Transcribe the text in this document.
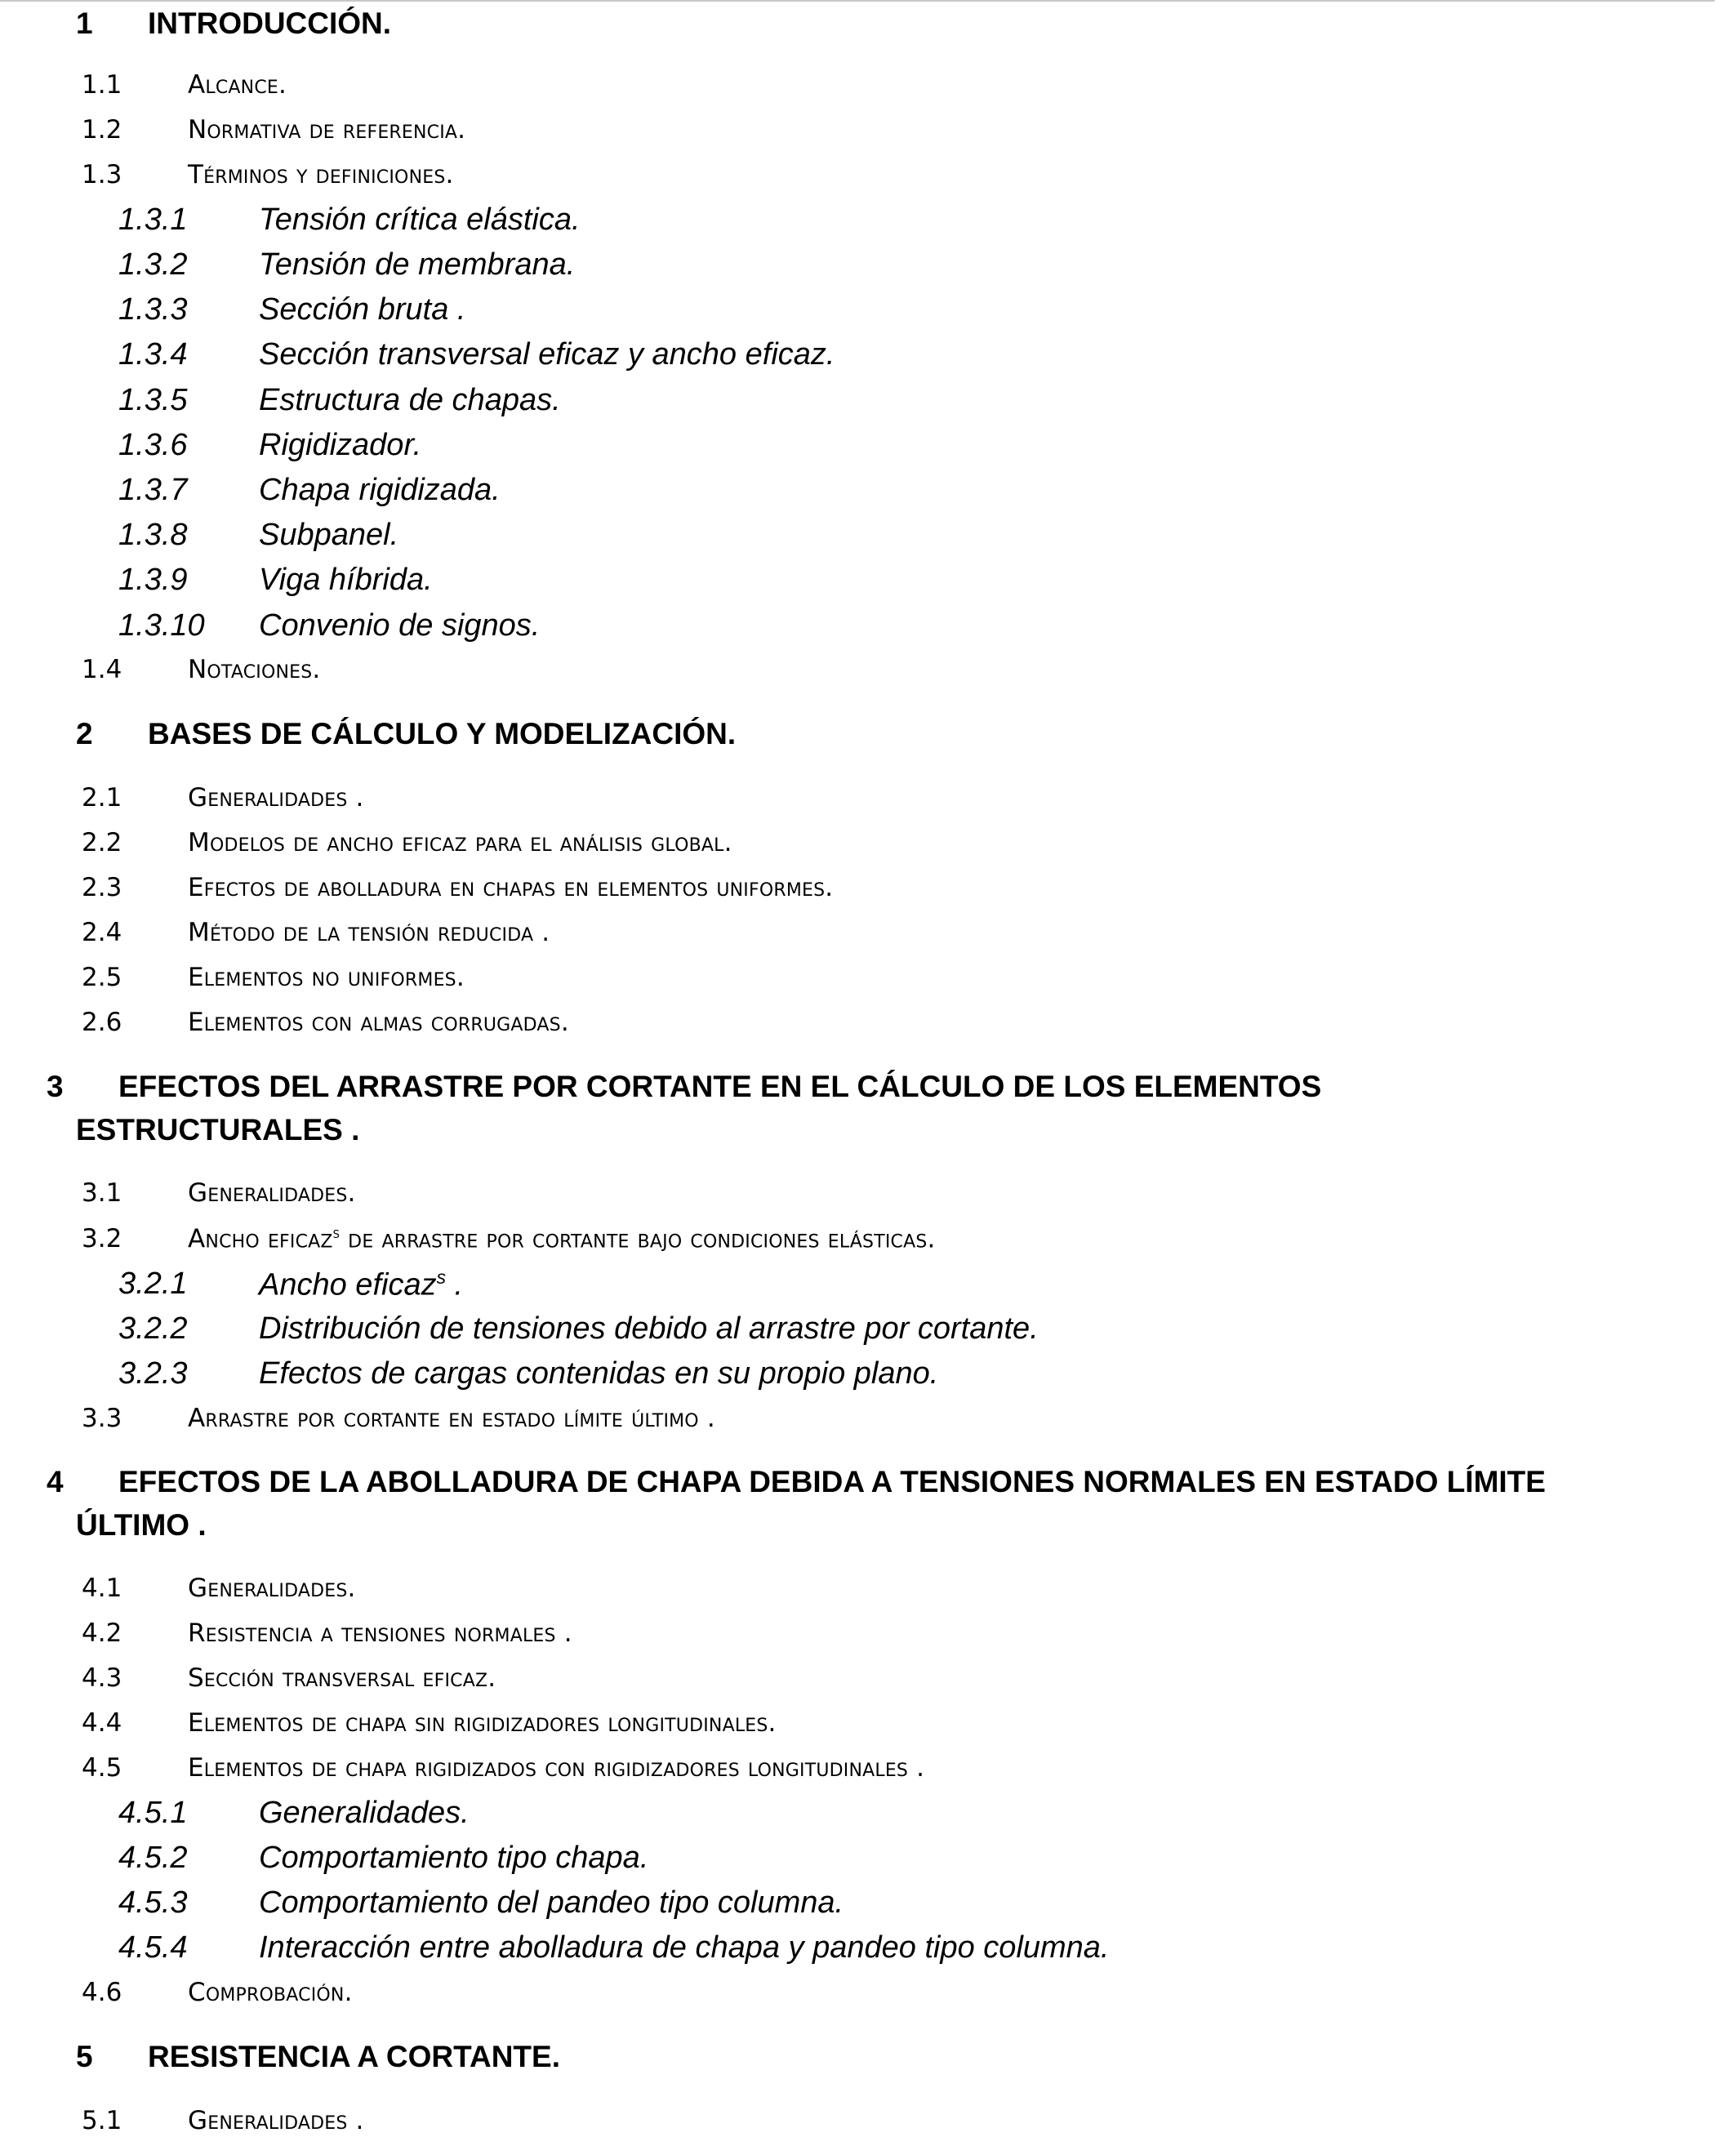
1 INTRODUCCIÓN.
1.1	Alcance.
1.2	Normativa de referencia.
1.3	Términos y definiciones.
1.3.1 Tensión crítica elástica.
1.3.2 Tensión de membrana.
1.3.3 Sección bruta .
1.3.4 Sección transversal eficaz y ancho eficaz.
1.3.5 Estructura de chapas.
1.3.6 Rigidizador.
1.3.7 Chapa rigidizada.
1.3.8 Subpanel.
1.3.9 Viga híbrida.
1.3.10 Convenio de signos.
1.4	Notaciones.
2 BASES DE CÁLCULO Y MODELIZACIÓN.
2.1	Generalidades .
2.2	Modelos de ancho eficaz para el análisis global.
2.3	Efectos de abolladura en chapas en elementos uniformes.
2.4	Método de la tensión reducida .
2.5	Elementos no uniformes.
2.6	Elementos con almas corrugadas.
3 EFECTOS DEL ARRASTRE POR CORTANTE EN EL CÁLCULO DE LOS ELEMENTOS
ESTRUCTURALES .
3.1	Generalidades.
3.2	Ancho eficaz$^s$ de arrastre por cortante bajo condiciones elásticas.
3.2.1 Ancho eficaz$^s$ .
3.2.2 Distribución de tensiones debido al arrastre por cortante.
3.2.3 Efectos de cargas contenidas en su propio plano.
3.3	Arrastre por cortante en estado límite último .
4 EFECTOS DE LA ABOLLADURA DE CHAPA DEBIDA A TENSIONES NORMALES EN ESTADO LÍMITE
ÚLTIMO .
4.1	Generalidades.
4.2	Resistencia a tensiones normales .
4.3	Sección transversal eficaz.
4.4	Elementos de chapa sin rigidizadores longitudinales.
4.5	Elementos de chapa rigidizados con rigidizadores longitudinales .
4.5.1 Generalidades.
4.5.2 Comportamiento tipo chapa.
4.5.3 Comportamiento del pandeo tipo columna.
4.5.4 Interacción entre abolladura de chapa y pandeo tipo columna.
4.6	Comprobación.
5 RESISTENCIA A CORTANTE.
5.1	Generalidades .
